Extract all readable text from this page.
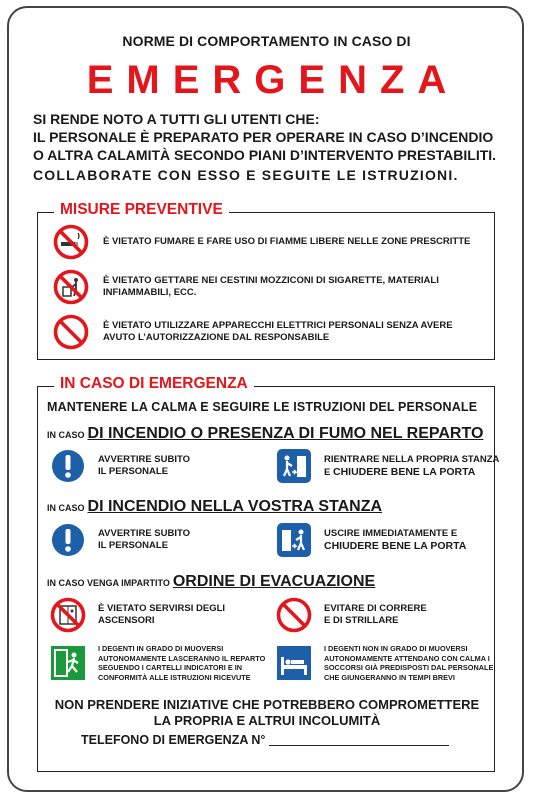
NORME DI COMPORTAMENTO IN CASO DI
EMERGENZA
SI RENDE NOTO A TUTTI GLI UTENTI CHE:
IL PERSONALE È PREPARATO PER OPERARE IN CASO D’INCENDIO
O ALTRA CALAMITÀ SECONDO PIANI D’INTERVENTO PRESTABILITI.
COLLABORATE CON ESSO E SEGUITE LE ISTRUZIONI.
MISURE PREVENTIVE
È VIETATO FUMARE E FARE USO DI FIAMME LIBERE NELLE ZONE PRESCRITTE
È VIETATO GETTARE NEI CESTINI MOZZICONI DI SIGARETTE, MATERIALI INFIAMMABILI, ECC.
È VIETATO UTILIZZARE APPARECCHI ELETTRICI PERSONALI SENZA AVERE AVUTO L’AUTORIZZAZIONE DAL RESPONSABILE
IN CASO DI EMERGENZA
MANTENERE LA CALMA E SEGUIRE LE ISTRUZIONI DEL PERSONALE
IN CASO DI INCENDIO O PRESENZA DI FUMO NEL REPARTO
AVVERTIRE SUBITO
IL PERSONALE
RIENTRARE NELLA PROPRIA STANZA
E CHIUDERE BENE LA PORTA
IN CASO DI INCENDIO NELLA VOSTRA STANZA
AVVERTIRE SUBITO
IL PERSONALE
USCIRE IMMEDIATAMENTE E
CHIUDERE BENE LA PORTA
IN CASO VENGA IMPARTITO ORDINE DI EVACUAZIONE
È VIETATO SERVIRSI DEGLI
ASCENSORI
EVITARE DI CORRERE
E DI STRILLARE
I DEGENTI IN GRADO DI MUOVERSI
AUTONOMAMENTE LASCERANNO IL REPARTO
SEGUENDO I CARTELLI INDICATORI E IN
CONFORMITÀ ALLE ISTRUZIONI RICEVUTE
I DEGENTI NON IN GRADO DI MUOVERSI
AUTONOMAMENTE ATTENDANO CON CALMA I
SOCCORSI GIÀ PREDISPOSTI DAL PERSONALE
CHE GIUNGERANNO IN TEMPI BREVI
NON PRENDERE INIZIATIVE CHE POTREBBERO COMPROMETTERE
LA PROPRIA E ALTRUI INCOLUMITÀ
TELEFONO DI EMERGENZA N°
